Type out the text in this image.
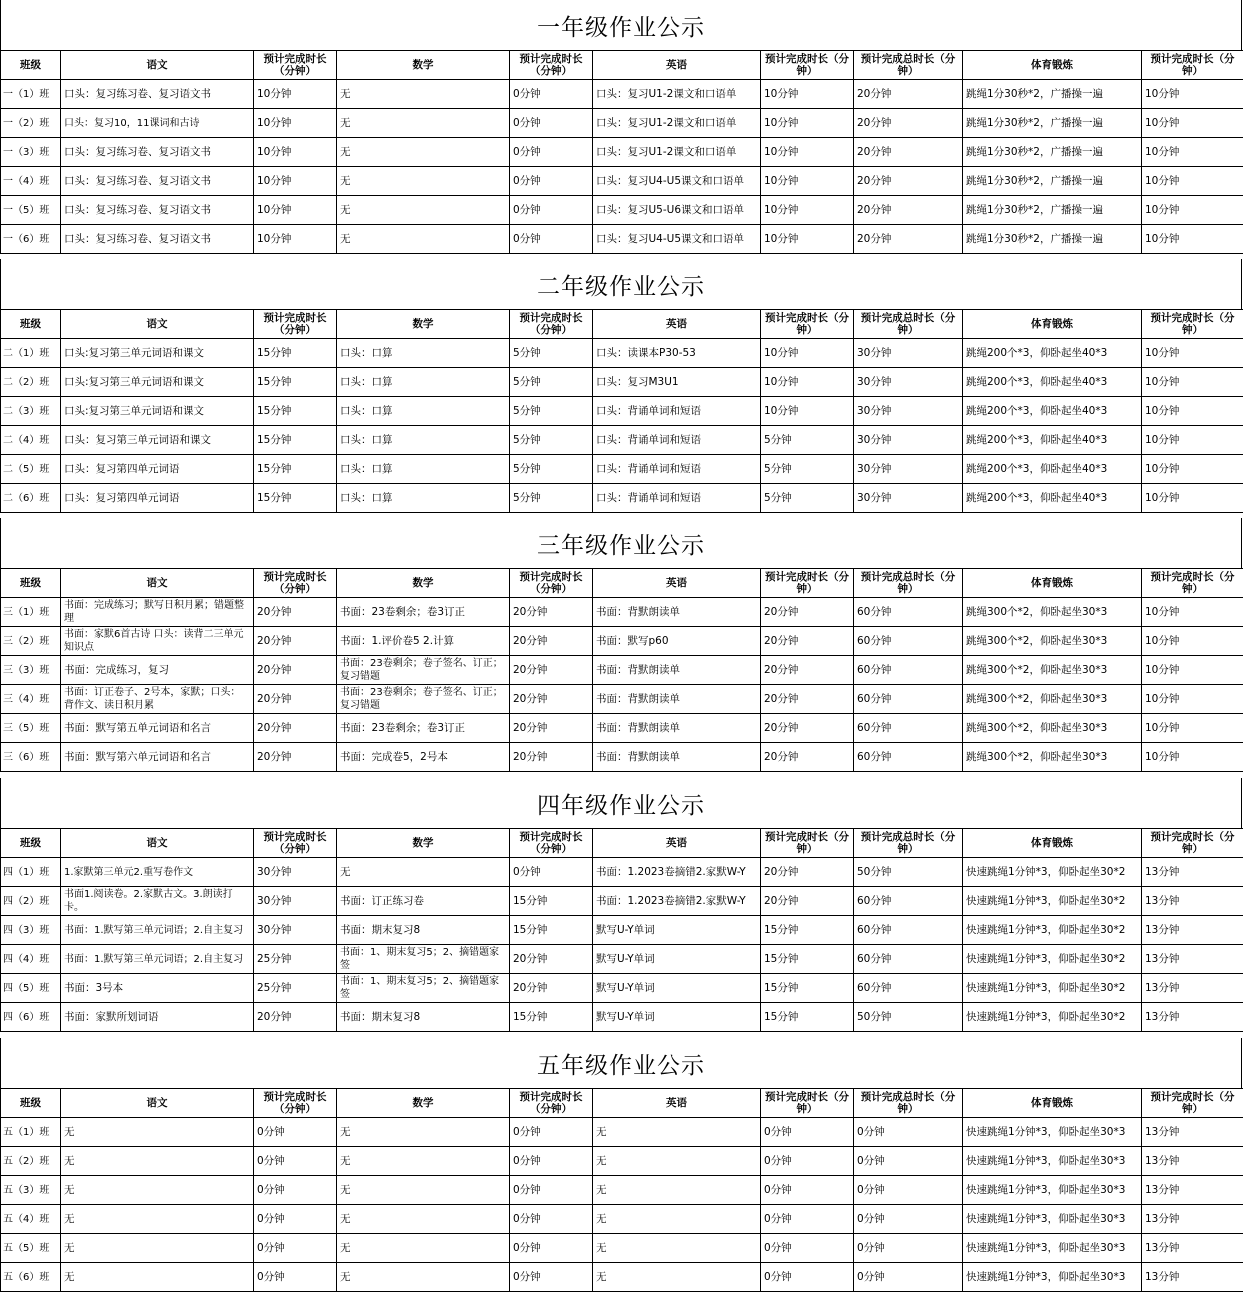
一年级作业公示
班级	语文	预计完成时长（分钟）	数学	预计完成时长（分钟）	英语	预计完成时长（分钟）	预计完成总时长（分钟）	体育锻炼	预计完成时长（分钟）
一（1）班	口头：复习练习卷、复习语文书	10分钟	无	0分钟	口头：复习U1-2课文和口语单	10分钟	20分钟	跳绳1分30秒*2，广播操一遍	10分钟
一（2）班	口头：复习10，11课词和古诗	10分钟	无	0分钟	口头：复习U1-2课文和口语单	10分钟	20分钟	跳绳1分30秒*2，广播操一遍	10分钟
一（3）班	口头：复习练习卷、复习语文书	10分钟	无	0分钟	口头：复习U1-2课文和口语单	10分钟	20分钟	跳绳1分30秒*2，广播操一遍	10分钟
一（4）班	口头：复习练习卷、复习语文书	10分钟	无	0分钟	口头：复习U4-U5课文和口语单	10分钟	20分钟	跳绳1分30秒*2，广播操一遍	10分钟
一（5）班	口头：复习练习卷、复习语文书	10分钟	无	0分钟	口头：复习U5-U6课文和口语单	10分钟	20分钟	跳绳1分30秒*2，广播操一遍	10分钟
一（6）班	口头：复习练习卷、复习语文书	10分钟	无	0分钟	口头：复习U4-U5课文和口语单	10分钟	20分钟	跳绳1分30秒*2，广播操一遍	10分钟
二年级作业公示
班级	语文	预计完成时长（分钟）	数学	预计完成时长（分钟）	英语	预计完成时长（分钟）	预计完成总时长（分钟）	体育锻炼	预计完成时长（分钟）
二（1）班	口头:复习第三单元词语和课文	15分钟	口头：口算	5分钟	口头：读课本P30-53	10分钟	30分钟	跳绳200个*3，仰卧起坐40*3	10分钟
二（2）班	口头:复习第三单元词语和课文	15分钟	口头：口算	5分钟	口头：复习M3U1	10分钟	30分钟	跳绳200个*3，仰卧起坐40*3	10分钟
二（3）班	口头:复习第三单元词语和课文	15分钟	口头：口算	5分钟	口头：背诵单词和短语	10分钟	30分钟	跳绳200个*3，仰卧起坐40*3	10分钟
二（4）班	口头：复习第三单元词语和课文	15分钟	口头：口算	5分钟	口头：背诵单词和短语	5分钟	30分钟	跳绳200个*3，仰卧起坐40*3	10分钟
二（5）班	口头：复习第四单元词语	15分钟	口头：口算	5分钟	口头：背诵单词和短语	5分钟	30分钟	跳绳200个*3，仰卧起坐40*3	10分钟
二（6）班	口头：复习第四单元词语	15分钟	口头：口算	5分钟	口头：背诵单词和短语	5分钟	30分钟	跳绳200个*3，仰卧起坐40*3	10分钟
三年级作业公示
班级	语文	预计完成时长（分钟）	数学	预计完成时长（分钟）	英语	预计完成时长（分钟）	预计完成总时长（分钟）	体育锻炼	预计完成时长（分钟）
三（1）班	书面：完成练习；默写日积月累；错题整理	20分钟	书面：23卷剩余；卷3订正	20分钟	书面：背默朗读单	20分钟	60分钟	跳绳300个*2，仰卧起坐30*3	10分钟
三（2）班	书面：家默6首古诗 口头：读背二三单元知识点	20分钟	书面：1.评价卷5 2.计算	20分钟	书面：默写p60	20分钟	60分钟	跳绳300个*2，仰卧起坐30*3	10分钟
三（3）班	书面：完成练习，复习	20分钟	书面：23卷剩余；卷子签名、订正；复习错题	20分钟	书面：背默朗读单	20分钟	60分钟	跳绳300个*2，仰卧起坐30*3	10分钟
三（4）班	书面：订正卷子、2号本，家默；口头：背作文、读日积月累	20分钟	书面：23卷剩余；卷子签名、订正；复习错题	20分钟	书面：背默朗读单	20分钟	60分钟	跳绳300个*2，仰卧起坐30*3	10分钟
三（5）班	书面：默写第五单元词语和名言	20分钟	书面：23卷剩余；卷3订正	20分钟	书面：背默朗读单	20分钟	60分钟	跳绳300个*2，仰卧起坐30*3	10分钟
三（6）班	书面：默写第六单元词语和名言	20分钟	书面：完成卷5，2号本	20分钟	书面：背默朗读单	20分钟	60分钟	跳绳300个*2，仰卧起坐30*3	10分钟
四年级作业公示
班级	语文	预计完成时长（分钟）	数学	预计完成时长（分钟）	英语	预计完成时长（分钟）	预计完成总时长（分钟）	体育锻炼	预计完成时长（分钟）
四（1）班	1.家默第三单元2.重写卷作文	30分钟	无	0分钟	书面：1.2023卷摘错2.家默W-Y	20分钟	50分钟	快速跳绳1分钟*3，仰卧起坐30*2	13分钟
四（2）班	书面1.阅读卷。2.家默古文。3.朗读打卡。	30分钟	书面：订正练习卷	15分钟	书面：1.2023卷摘错2.家默W-Y	20分钟	60分钟	快速跳绳1分钟*3，仰卧起坐30*2	13分钟
四（3）班	书面：1.默写第三单元词语；2.自主复习	30分钟	书面：期末复习8	15分钟	默写U-Y单词	15分钟	60分钟	快速跳绳1分钟*3，仰卧起坐30*2	13分钟
四（4）班	书面：1.默写第三单元词语；2.自主复习	25分钟	书面：1、期末复习5；2、摘错题家签	20分钟	默写U-Y单词	15分钟	60分钟	快速跳绳1分钟*3，仰卧起坐30*2	13分钟
四（5）班	书面：3号本	25分钟	书面：1、期末复习5；2、摘错题家签	20分钟	默写U-Y单词	15分钟	60分钟	快速跳绳1分钟*3，仰卧起坐30*2	13分钟
四（6）班	书面：家默所划词语	20分钟	书面：期末复习8	15分钟	默写U-Y单词	15分钟	50分钟	快速跳绳1分钟*3，仰卧起坐30*2	13分钟
五年级作业公示
班级	语文	预计完成时长（分钟）	数学	预计完成时长（分钟）	英语	预计完成时长（分钟）	预计完成总时长（分钟）	体育锻炼	预计完成时长（分钟）
五（1）班	无	0分钟	无	0分钟	无	0分钟	0分钟	快速跳绳1分钟*3，仰卧起坐30*3	13分钟
五（2）班	无	0分钟	无	0分钟	无	0分钟	0分钟	快速跳绳1分钟*3，仰卧起坐30*3	13分钟
五（3）班	无	0分钟	无	0分钟	无	0分钟	0分钟	快速跳绳1分钟*3，仰卧起坐30*3	13分钟
五（4）班	无	0分钟	无	0分钟	无	0分钟	0分钟	快速跳绳1分钟*3，仰卧起坐30*3	13分钟
五（5）班	无	0分钟	无	0分钟	无	0分钟	0分钟	快速跳绳1分钟*3，仰卧起坐30*3	13分钟
五（6）班	无	0分钟	无	0分钟	无	0分钟	0分钟	快速跳绳1分钟*3，仰卧起坐30*3	13分钟
